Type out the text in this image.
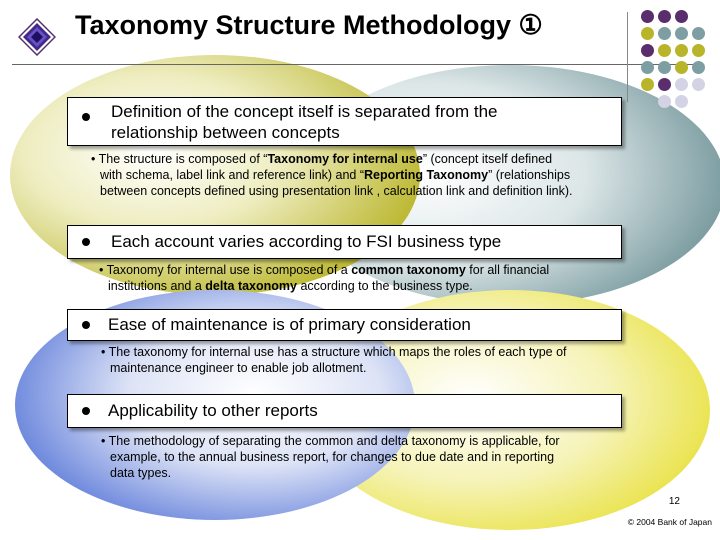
Taxonomy Structure Methodology ①
Definition of the concept itself is separated from the
relationship between concepts
• The structure is composed of “Taxonomy for internal use” (concept itself defined
with schema, label link and reference link) and “Reporting Taxonomy” (relationships
between concepts defined using presentation link , calculation link and definition link).
Each account varies according to FSI business type
• Taxonomy for internal use is composed of a common taxonomy for all financial
institutions and a delta taxonomy according to the business type.
Ease of maintenance is of primary consideration
• The taxonomy for internal use has a structure which maps the roles of each type of
maintenance engineer to enable job allotment.
Applicability to other reports
• The methodology of separating the common and delta taxonomy is applicable, for
example, to the annual business report, for changes to due date and in reporting
data types.
12
© 2004 Bank of Japan
